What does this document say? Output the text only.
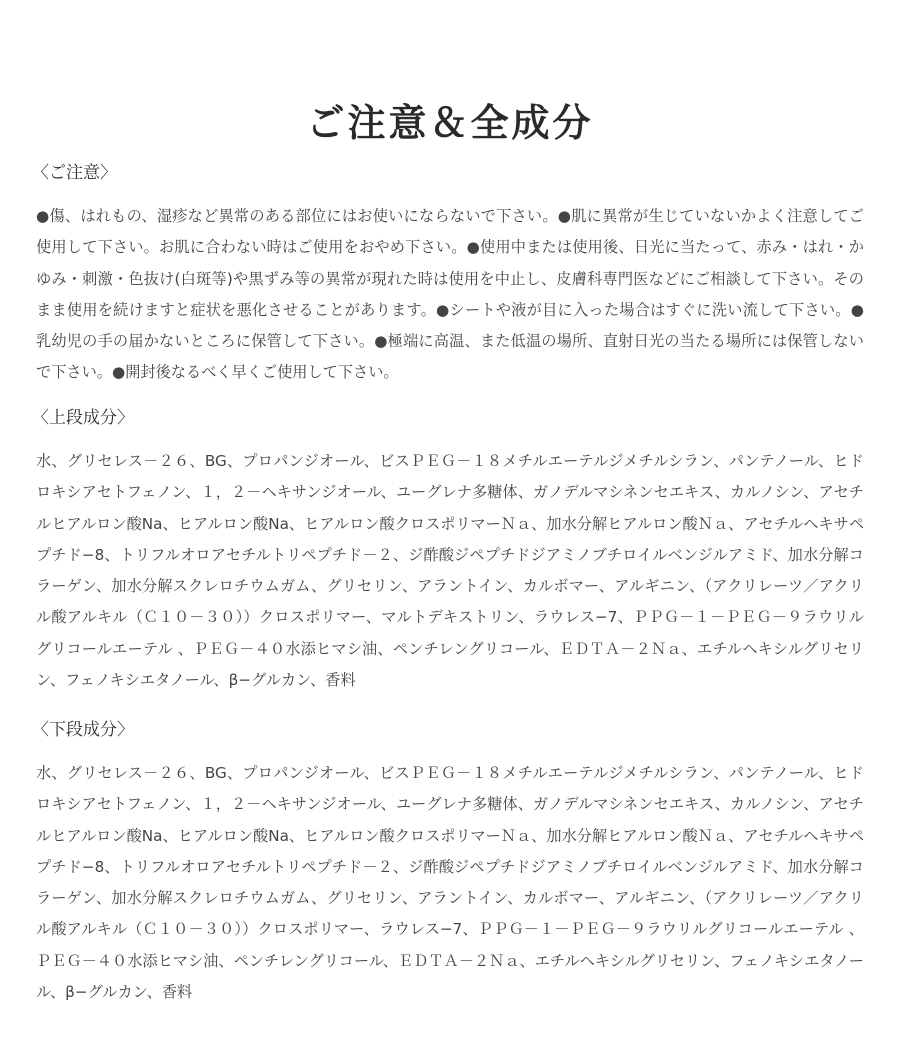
ご注意＆全成分
〈ご注意〉

●傷、はれもの、湿疹など異常のある部位にはお使いにならないで下さい。●肌に異常が生じていないかよく注意してご使用して下さい。お肌に合わない時はご使用をおやめ下さい。●使用中または使用後、日光に当たって、赤み・はれ・かゆみ・刺激・色抜け(白斑等)や黒ずみ等の異常が現れた時は使用を中止し、皮膚科専門医などにご相談して下さい。そのまま使用を続けますと症状を悪化させることがあります。●シートや液が目に入った場合はすぐに洗い流して下さい。●乳幼児の手の届かないところに保管して下さい。●極端に高温、また低温の場所、直射日光の当たる場所には保管しないで下さい。●開封後なるべく早くご使用して下さい。

〈上段成分〉

水、グリセレス－２６、BG、プロパンジオール、ビスＰＥＧ－１８メチルエーテルジメチルシラン、パンテノール、ヒドロキシアセトフェノン、１，２－ヘキサンジオール、ユーグレナ多糖体、ガノデルマシネンセエキス、カルノシン、アセチルヒアルロン酸Na、ヒアルロン酸Na、ヒアルロン酸クロスポリマーＮａ、加水分解ヒアルロン酸Ｎａ、アセチルヘキサペプチド−8、トリフルオロアセチルトリペプチド－２、ジ酢酸ジペプチドジアミノブチロイルベンジルアミド、加水分解コラーゲン、加水分解スクレロチウムガム、グリセリン、アラントイン、カルボマー、アルギニン、（アクリレーツ／アクリル酸アルキル（Ｃ１０－３０））クロスポリマー、マルトデキストリン、ラウレス−7、ＰＰＧ－１－ＰＥＧ－９ラウリルグリコールエーテル 、ＰＥＧ－４０水添ヒマシ油、ペンチレングリコール、ＥＤＴＡ－２Ｎａ、エチルヘキシルグリセリン、フェノキシエタノール、β−グルカン、香料

〈下段成分〉

水、グリセレス－２６、BG、プロパンジオール、ビスＰＥＧ－１８メチルエーテルジメチルシラン、パンテノール、ヒドロキシアセトフェノン、１，２－ヘキサンジオール、ユーグレナ多糖体、ガノデルマシネンセエキス、カルノシン、アセチルヒアルロン酸Na、ヒアルロン酸Na、ヒアルロン酸クロスポリマーＮａ、加水分解ヒアルロン酸Ｎａ、アセチルヘキサペプチド−8、トリフルオロアセチルトリペプチド－２、ジ酢酸ジペプチドジアミノブチロイルベンジルアミド、加水分解コラーゲン、加水分解スクレロチウムガム、グリセリン、アラントイン、カルボマー、アルギニン、（アクリレーツ／アクリル酸アルキル（Ｃ１０－３０））クロスポリマー、ラウレス−7、ＰＰＧ－１－ＰＥＧ－９ラウリルグリコールエーテル 、ＰＥＧ－４０水添ヒマシ油、ペンチレングリコール、ＥＤＴＡ－２Ｎａ、エチルヘキシルグリセリン、フェノキシエタノール、β−グルカン、香料
